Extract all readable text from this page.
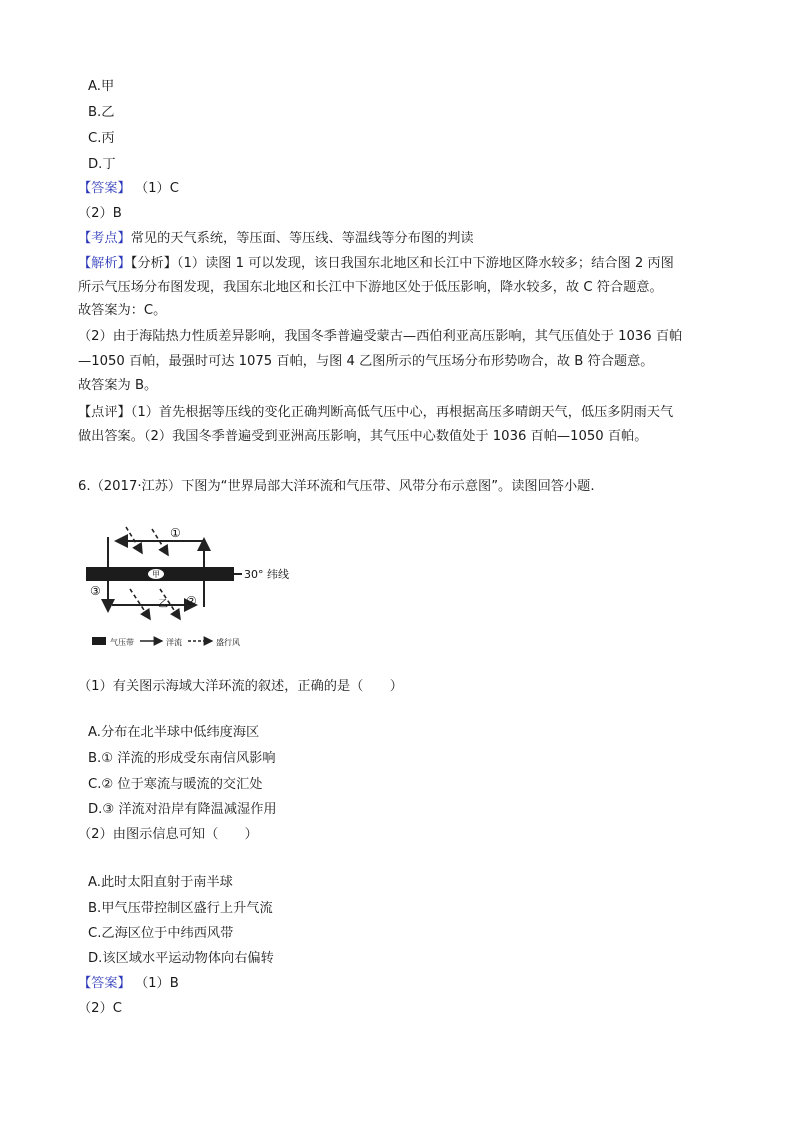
A.甲
B.乙
C.丙
D.丁
【答案】 （1）C
（2）B
【考点】常见的天气系统，等压面、等压线、等温线等分布图的判读
【解析】【分析】（1）读图 1 可以发现，该日我国东北地区和长江中下游地区降水较多；结合图 2 丙图
所示气压场分布图发现，我国东北地区和长江中下游地区处于低压影响，降水较多，故 C 符合题意。
故答案为：C。
（2）由于海陆热力性质差异影响，我国冬季普遍受蒙古—西伯利亚高压影响，其气压值处于 1036 百帕
—1050 百帕，最强时可达 1075 百帕，与图 4 乙图所示的气压场分布形势吻合，故 B 符合题意。
故答案为 B。
【点评】（1）首先根据等压线的变化正确判断高低气压中心，再根据高压多晴朗天气，低压多阴雨天气
做出答案。（2）我国冬季普遍受到亚洲高压影响，其气压中心数值处于 1036 百帕—1050 百帕。
6.（2017·江苏）下图为“世界局部大洋环流和气压带、风带分布示意图”。读图回答小题.
甲	30° 纬线
①
②
③
乙
气压带	洋流	盛行风
（1）有关图示海域大洋环流的叙述，正确的是（　　）
A.分布在北半球中低纬度海区
B.① 洋流的形成受东南信风影响
C.② 位于寒流与暖流的交汇处
D.③ 洋流对沿岸有降温减湿作用
（2）由图示信息可知（　　）
A.此时太阳直射于南半球
B.甲气压带控制区盛行上升气流
C.乙海区位于中纬西风带
D.该区域水平运动物体向右偏转
【答案】 （1）B
（2）C
